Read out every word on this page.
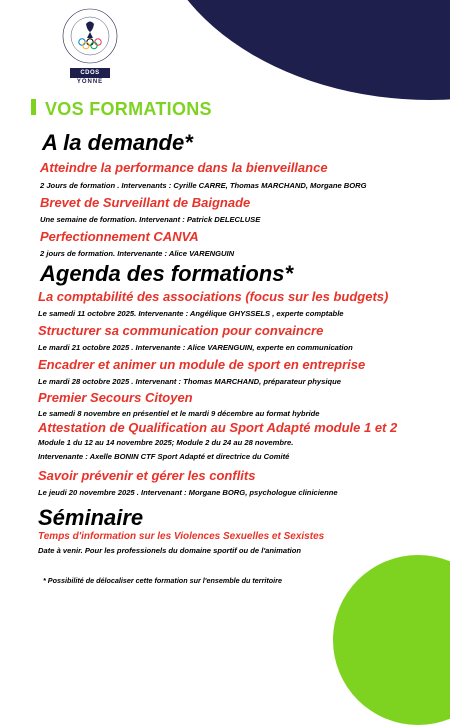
CDOS
YONNE
VOS FORMATIONS
A la demande*
Atteindre la performance dans la bienveillance
2 Jours de formation . Intervenants : Cyrille CARRE, Thomas MARCHAND, Morgane BORG
Brevet de Surveillant de Baignade
Une semaine de formation. Intervenant : Patrick DELECLUSE
Perfectionnement CANVA
2 jours de formation. Intervenante : Alice VARENGUIN
Agenda des formations*
La comptabilité des associations (focus sur les budgets)
Le samedi 11 octobre 2025. Intervenante : Angélique GHYSSELS , experte comptable
Structurer sa communication pour convaincre
Le mardi 21 octobre 2025 . Intervenante : Alice VARENGUIN, experte en communication
Encadrer et animer un module de sport en entreprise
Le mardi 28 octobre 2025 . Intervenant : Thomas MARCHAND, préparateur physique
Premier Secours Citoyen
Le samedi 8 novembre en présentiel et le mardi 9 décembre au format hybride
Attestation de Qualification au Sport Adapté module 1 et 2
Module 1 du 12 au 14 novembre 2025; Module 2 du 24 au 28 novembre.
Intervenante : Axelle BONIN CTF Sport Adapté et directrice du Comité
Savoir prévenir et gérer les conflits
Le jeudi 20 novembre 2025 . Intervenant : Morgane BORG, psychologue clinicienne
Séminaire
Temps d'information sur les Violences Sexuelles et Sexistes
Date à venir. Pour les professionels du domaine sportif ou de l'animation
* Possibilité de délocaliser cette formation sur l'ensemble du territoire
